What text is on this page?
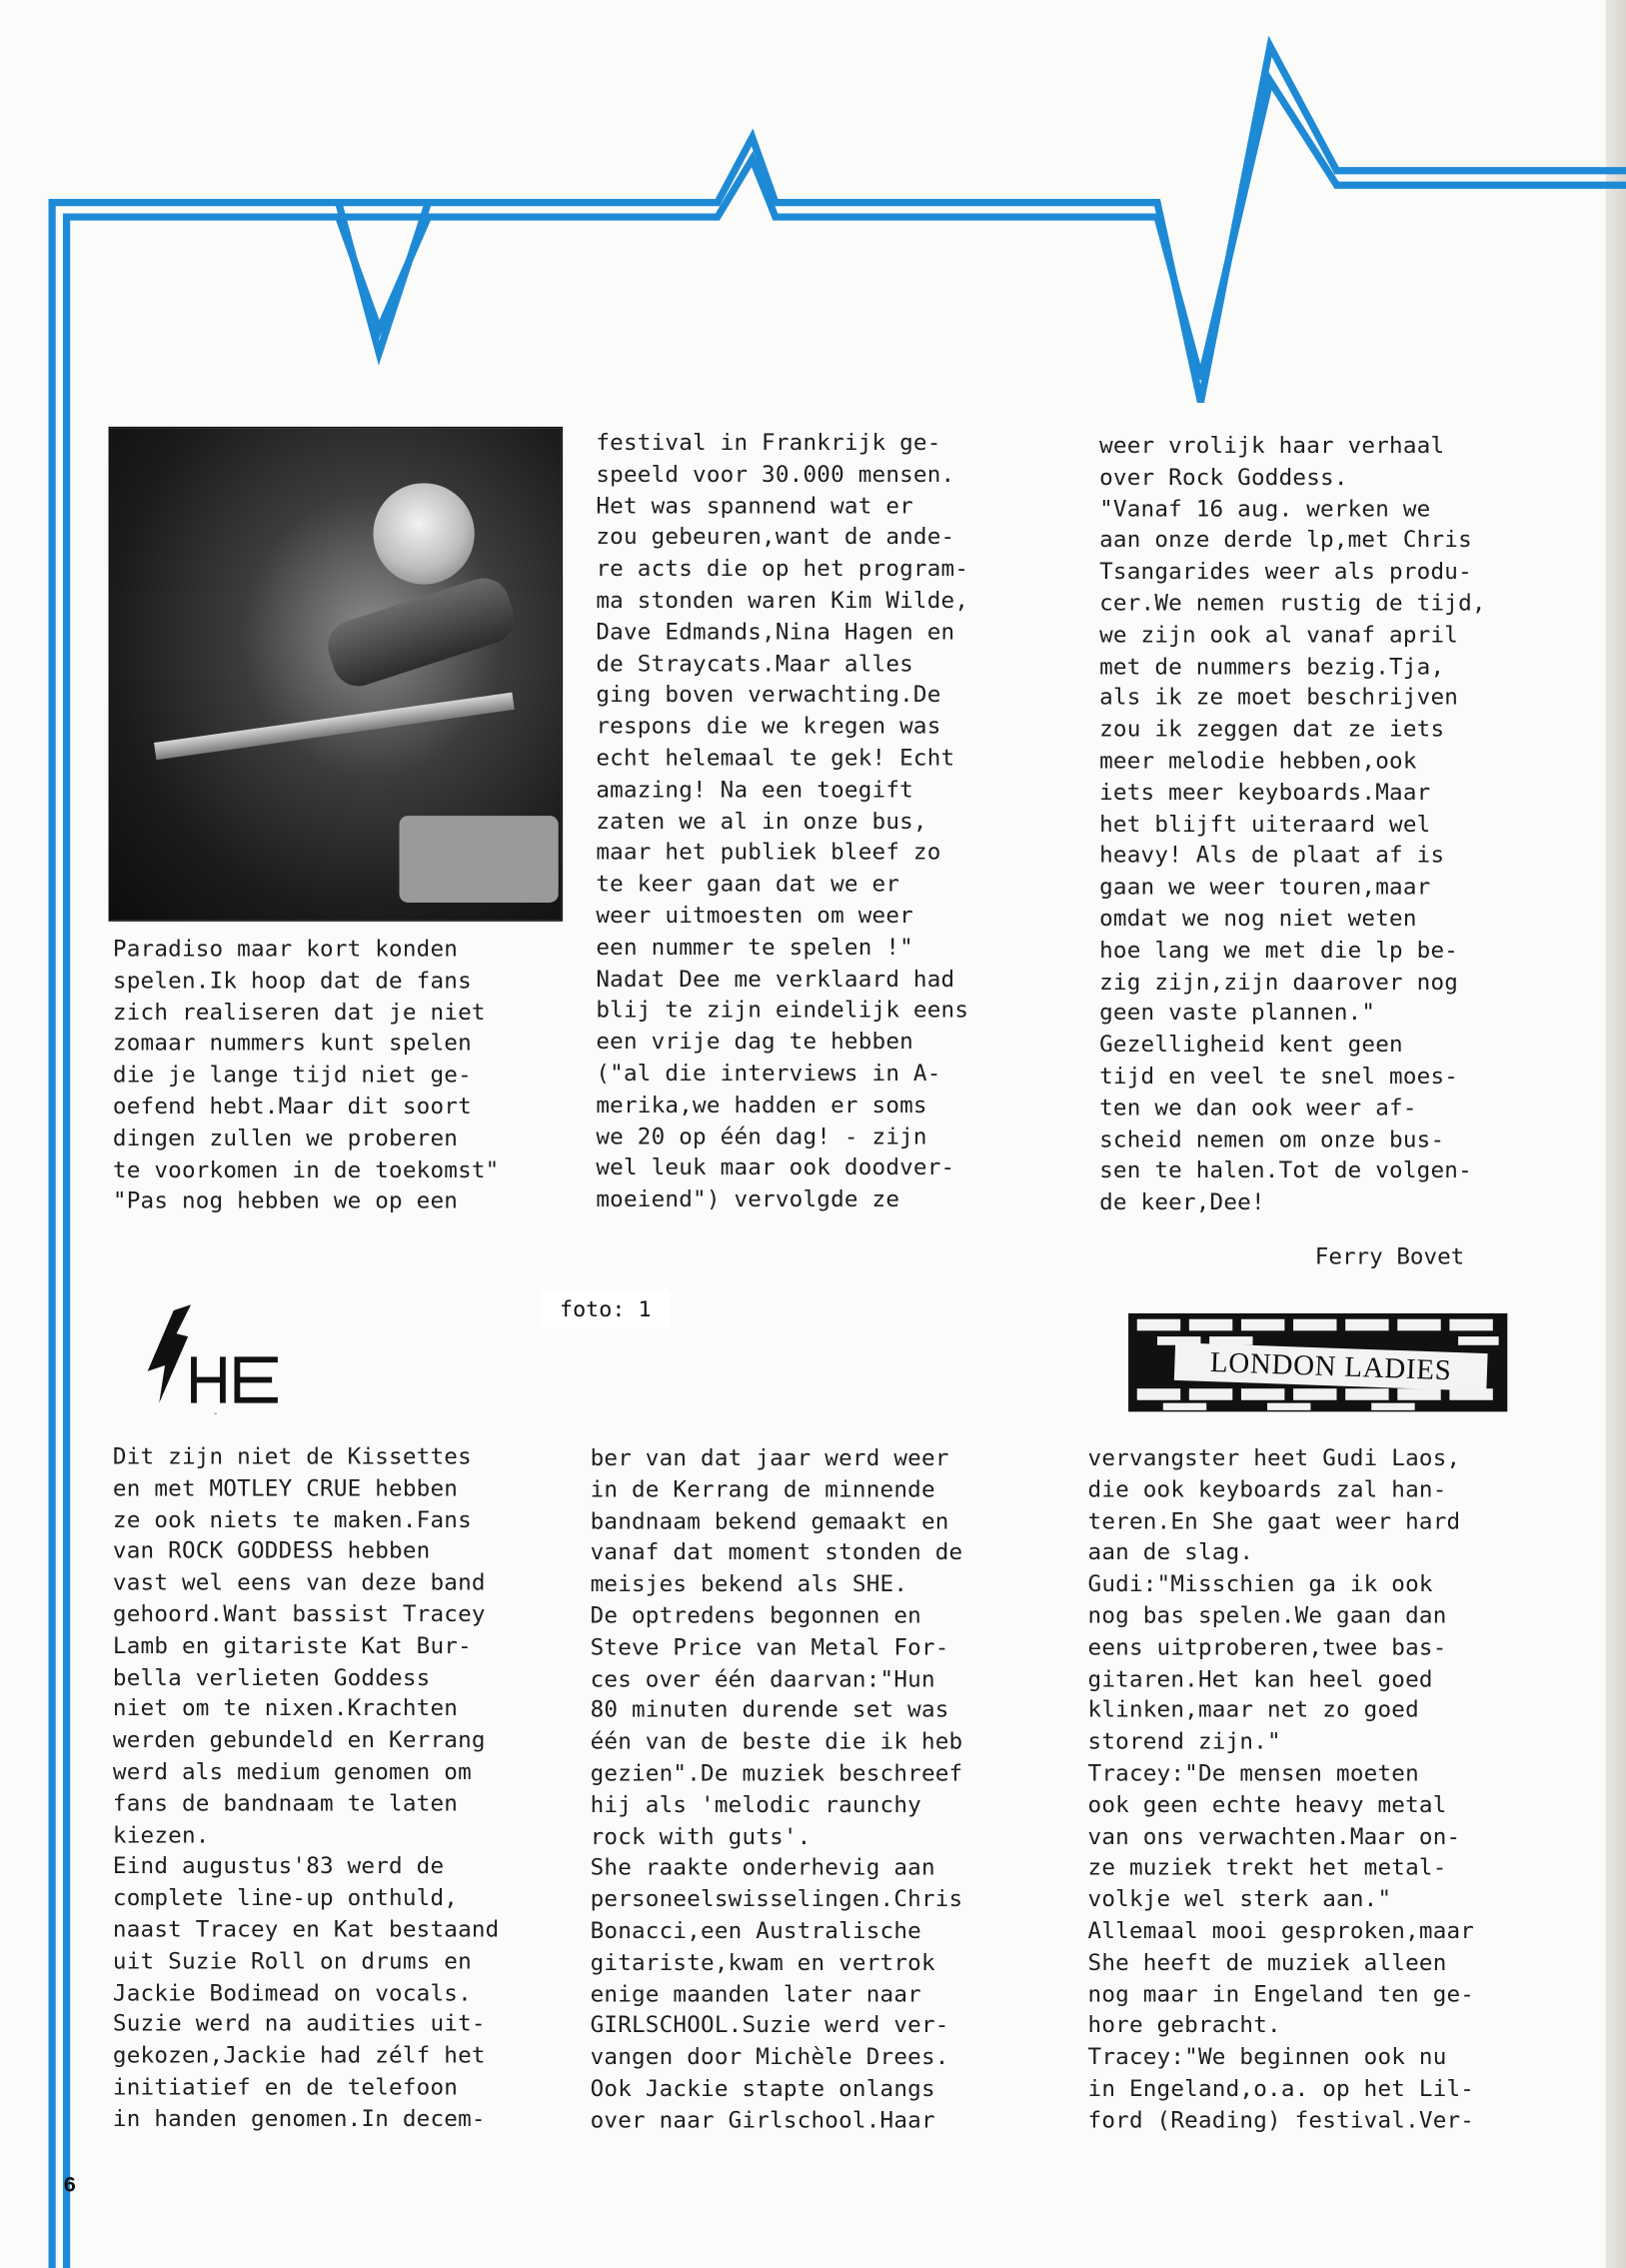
foto: 1
Paradiso maar kort konden
spelen.Ik hoop dat de fans
zich realiseren dat je niet
zomaar nummers kunt spelen
die je lange tijd niet ge-
oefend hebt.Maar dit soort
dingen zullen we proberen
te voorkomen in de toekomst"
"Pas nog hebben we op een
festival in Frankrijk ge-
speeld voor 30.000 mensen.
Het was spannend wat er
zou gebeuren,want de ande-
re acts die op het program-
ma stonden waren Kim Wilde,
Dave Edmands,Nina Hagen en
de Straycats.Maar alles
ging boven verwachting.De
respons die we kregen was
echt helemaal te gek! Echt
amazing! Na een toegift
zaten we al in onze bus,
maar het publiek bleef zo
te keer gaan dat we er
weer uitmoesten om weer
een nummer te spelen !"
Nadat Dee me verklaard had
blij te zijn eindelijk eens
een vrije dag te hebben
("al die interviews in A-
merika,we hadden er soms
we 20 op één dag! - zijn
wel leuk maar ook doodver-
moeiend") vervolgde ze
weer vrolijk haar verhaal
over Rock Goddess.
"Vanaf 16 aug. werken we
aan onze derde lp,met Chris
Tsangarides weer als produ-
cer.We nemen rustig de tijd,
we zijn ook al vanaf april
met de nummers bezig.Tja,
als ik ze moet beschrijven
zou ik zeggen dat ze iets
meer melodie hebben,ook
iets meer keyboards.Maar
het blijft uiteraard wel
heavy! Als de plaat af is
gaan we weer touren,maar
omdat we nog niet weten
hoe lang we met die lp be-
zig zijn,zijn daarover nog
geen vaste plannen."
Gezelligheid kent geen
tijd en veel te snel moes-
ten we dan ook weer af-
scheid nemen om onze bus-
sen te halen.Tot de volgen-
de keer,Dee!
Ferry Bovet
SHE
LONDON LADIES
Dit zijn niet de Kissettes
en met MOTLEY CRUE hebben
ze ook niets te maken.Fans
van ROCK GODDESS hebben
vast wel eens van deze band
gehoord.Want bassist Tracey
Lamb en gitariste Kat Bur-
bella verlieten Goddess
niet om te nixen.Krachten
werden gebundeld en Kerrang
werd als medium genomen om
fans de bandnaam te laten
kiezen.
Eind augustus'83 werd de
complete line-up onthuld,
naast Tracey en Kat bestaand
uit Suzie Roll on drums en
Jackie Bodimead on vocals.
Suzie werd na audities uit-
gekozen,Jackie had zélf het
initiatief en de telefoon
in handen genomen.In decem-
ber van dat jaar werd weer
in de Kerrang de minnende
bandnaam bekend gemaakt en
vanaf dat moment stonden de
meisjes bekend als SHE.
De optredens begonnen en
Steve Price van Metal For-
ces over één daarvan:"Hun
80 minuten durende set was
één van de beste die ik heb
gezien".De muziek beschreef
hij als 'melodic raunchy
rock with guts'.
She raakte onderhevig aan
personeelswisselingen.Chris
Bonacci,een Australische
gitariste,kwam en vertrok
enige maanden later naar
GIRLSCHOOL.Suzie werd ver-
vangen door Michèle Drees.
Ook Jackie stapte onlangs
over naar Girlschool.Haar
vervangster heet Gudi Laos,
die ook keyboards zal han-
teren.En She gaat weer hard
aan de slag.
Gudi:"Misschien ga ik ook
nog bas spelen.We gaan dan
eens uitproberen,twee bas-
gitaren.Het kan heel goed
klinken,maar net zo goed
storend zijn."
Tracey:"De mensen moeten
ook geen echte heavy metal
van ons verwachten.Maar on-
ze muziek trekt het metal-
volkje wel sterk aan."
Allemaal mooi gesproken,maar
She heeft de muziek alleen
nog maar in Engeland ten ge-
hore gebracht.
Tracey:"We beginnen ook nu
in Engeland,o.a. op het Lil-
ford (Reading) festival.Ver-
6
